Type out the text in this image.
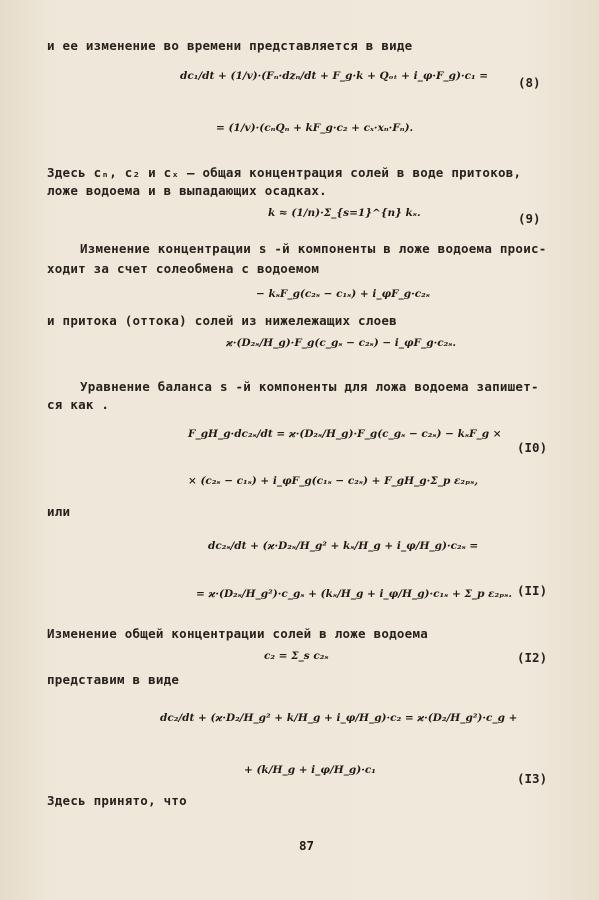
и ее изменение во времени представляется в виде
dc₁/dt + (1/v)·(Fₙ·dzₙ/dt + F_g·k + Qₒₜ + i_φ·F_g)·c₁ = (8)
= (1/v)·(cₙQₙ + kF_g·c₂ + cₓ·xₙ·Fₙ).
Здесь cₙ, c₂ и cₓ – общая концентрация солей в воде притоков,
ложе водоема и в выпадающих осадках.
k ≈ (1/n)·Σ_{s=1}^{n} kₛ.	(9)
Изменение концентрации s -й компоненты в ложе водоема проис-
ходит за счет солеобмена с водоемом
− kₛF_g(c₂ₛ − c₁ₛ) + i_φF_g·c₂ₛ
и притока (оттока) солей из нижележащих слоев
ϰ·(D₂ₛ/H_g)·F_g(c_gₛ − c₂ₛ) − i_φF_g·c₂ₛ.
Уравнение баланса s -й компоненты для ложа водоема запишет-
ся как .
F_gH_g·dc₂ₛ/dt = ϰ·(D₂ₛ/H_g)·F_g(c_gₛ − c₂ₛ) − kₛF_g ×
(I0)
× (c₂ₛ − c₁ₛ) + i_φF_g(c₁ₛ − c₂ₛ) + F_gH_g·Σ_p ε₂ₚₛ,
или
dc₂ₛ/dt + (ϰ·D₂ₛ/H_g² + kₛ/H_g + i_φ/H_g)·c₂ₛ =
= ϰ·(D₂ₛ/H_g²)·c_gₛ + (kₛ/H_g + i_φ/H_g)·c₁ₛ + Σ_p ε₂ₚₛ. (II)
Изменение общей концентрации солей в ложе водоема
c₂ = Σ_s c₂ₛ	(I2)
представим в виде
dc₂/dt + (ϰ·D₂/H_g² + k/H_g + i_φ/H_g)·c₂ = ϰ·(D₂/H_g²)·c_g +
+ (k/H_g + i_φ/H_g)·c₁
(I3)
Здесь принято, что
87
